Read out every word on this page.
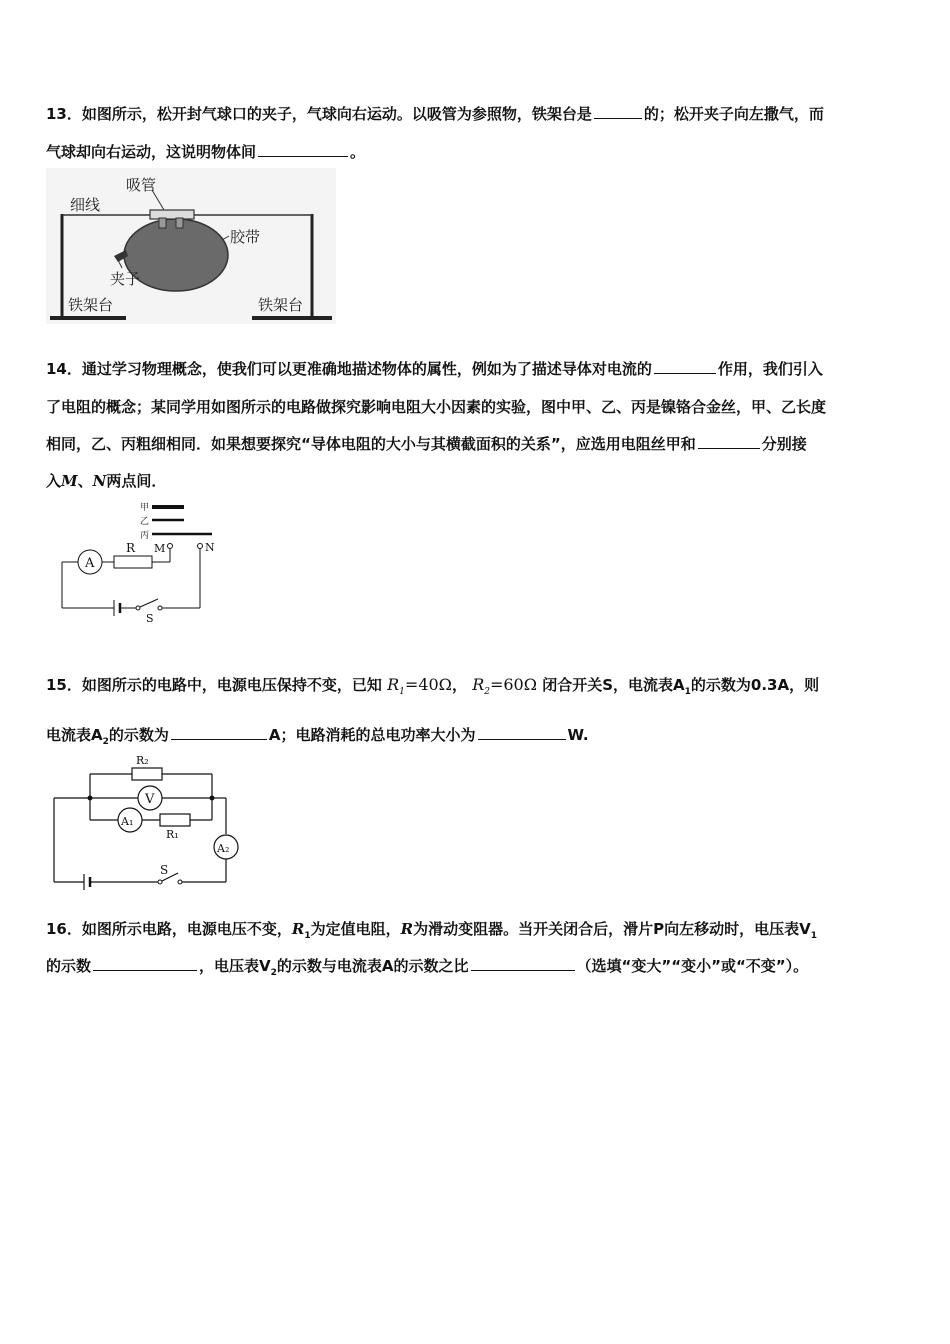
13．如图所示，松开封气球口的夹子，气球向右运动。以吸管为参照物，铁架台是	的；松开夹子向左撒气，而
气球却向右运动，这说明物体间	。
吸管
细线
胶带
夹子
铁架台	铁架台
14．通过学习物理概念，使我们可以更准确地描述物体的属性，例如为了描述导体对电流的	作用，我们引入
了电阻的概念；某同学用如图所示的电路做探究影响电阻大小因素的实验，图中甲、乙、丙是镍铬合金丝，甲、乙长度
相同，乙、丙粗细相同．如果想要探究“导体电阻的大小与其横截面积的关系”，应选用电阻丝甲和	分别接
入M、N两点间．
甲
乙
丙
A
R M	N
S
15．如图所示的电路中，电源电压保持不变，已知 $R_1=40\Omega$， $R_2=60\Omega$ 闭合开关S，电流表$A_1$的示数为0.3A，则
电流表$A_2$的示数为	A；电路消耗的总电功率大小为	W.
A₂
S
R₂
V
A₁
R₁
16．如图所示电路，电源电压不变，$R_1$为定值电阻，R为滑动变阻器。当开关闭合后，滑片P向左移动时，电压表$V_1$
的示数	，电压表$V_2$的示数与电流表A的示数之比	（选填“变大”“变小”或“不变”）。
